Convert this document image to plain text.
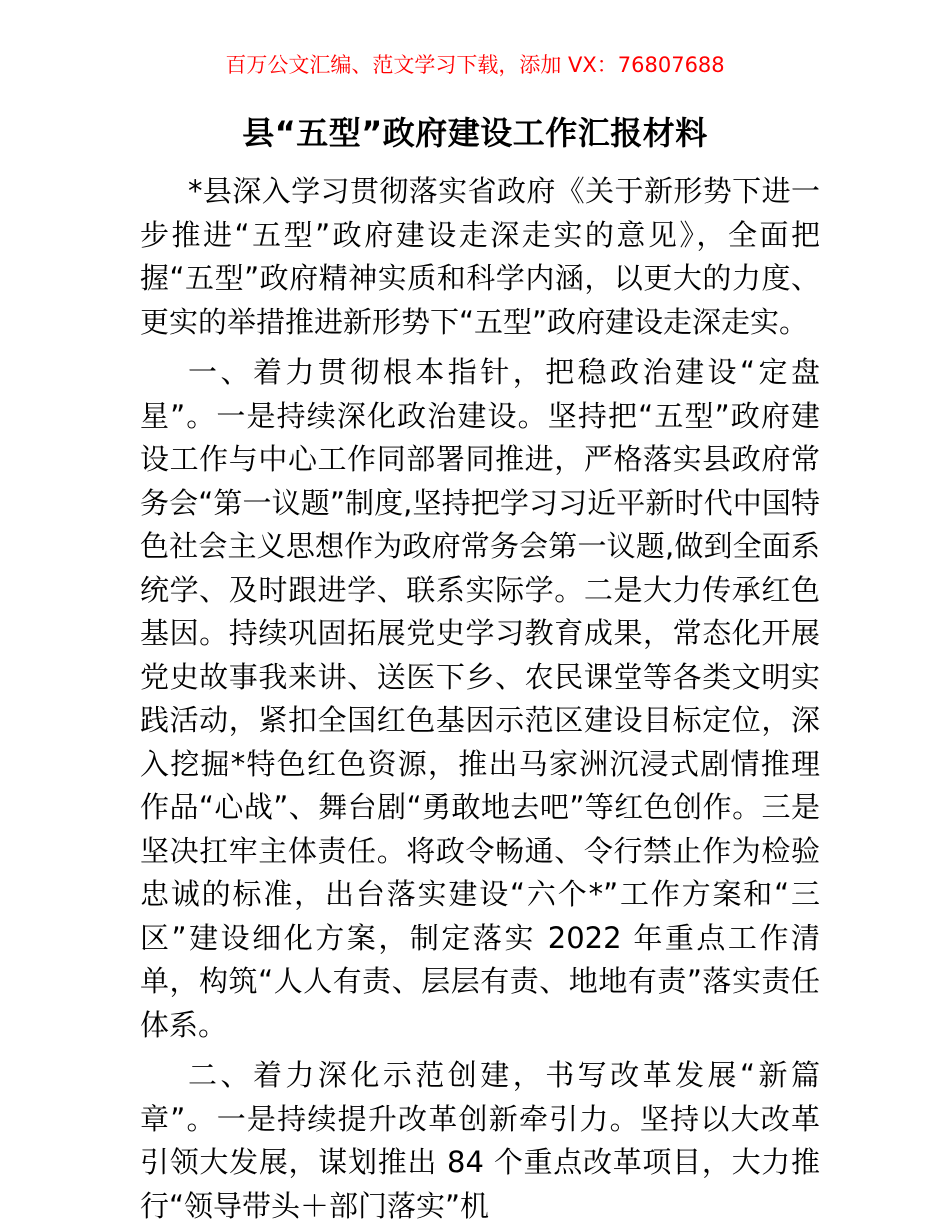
百万公文汇编、范文学习下载，添加 VX：76807688
县“五型”政府建设工作汇报材料

*县深入学习贯彻落实省政府《关于新形势下进一步推进“五型”政府建设走深走实的意见》，全面把握“五型”政府精神实质和科学内涵，以更大的力度、更实的举措推进新形势下“五型”政府建设走深走实。

一、着力贯彻根本指针，把稳政治建设“定盘星”。一是持续深化政治建设。坚持把“五型”政府建设工作与中心工作同部署同推进，严格落实县政府常务会“第一议题”制度,坚持把学习习近平新时代中国特色社会主义思想作为政府常务会第一议题,做到全面系统学、及时跟进学、联系实际学。二是大力传承红色基因。持续巩固拓展党史学习教育成果，常态化开展党史故事我来讲、送医下乡、农民课堂等各类文明实践活动，紧扣全国红色基因示范区建设目标定位，深入挖掘*特色红色资源，推出马家洲沉浸式剧情推理作品“心战”、舞台剧“勇敢地去吧”等红色创作。三是坚决扛牢主体责任。将政令畅通、令行禁止作为检验忠诚的标准，出台落实建设“六个*”工作方案和“三区”建设细化方案，制定落实 2022 年重点工作清单，构筑“人人有责、层层有责、地地有责”落实责任体系。

二、着力深化示范创建，书写改革发展“新篇章”。一是持续提升改革创新牵引力。坚持以大改革引领大发展，谋划推出 84 个重点改革项目，大力推行“领导带头＋部门落实”机
